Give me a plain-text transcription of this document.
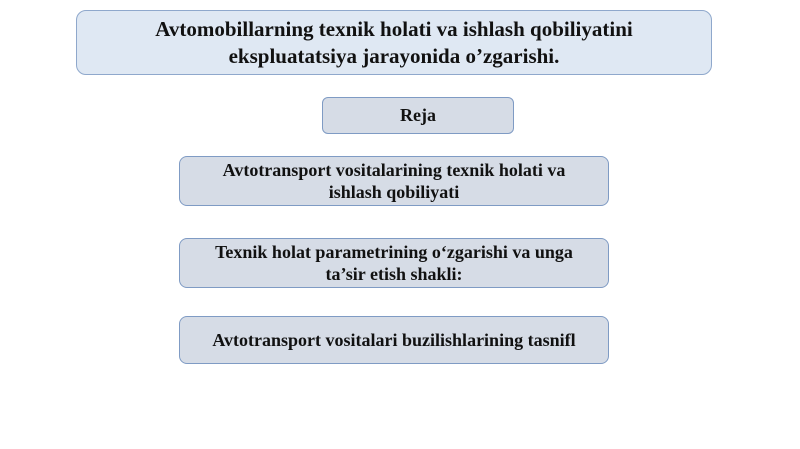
Avtomobillarning texnik holati va ishlash qobiliyatini
ekspluatatsiya jarayonida o’zgarishi.
Reja
Avtotransport vositalarining texnik holati va
ishlash qobiliyati
Texnik holat parametrining o‘zgarishi va unga
ta’sir etish shakli:
Avtotransport vositalari buzilishlarining tasnifl
